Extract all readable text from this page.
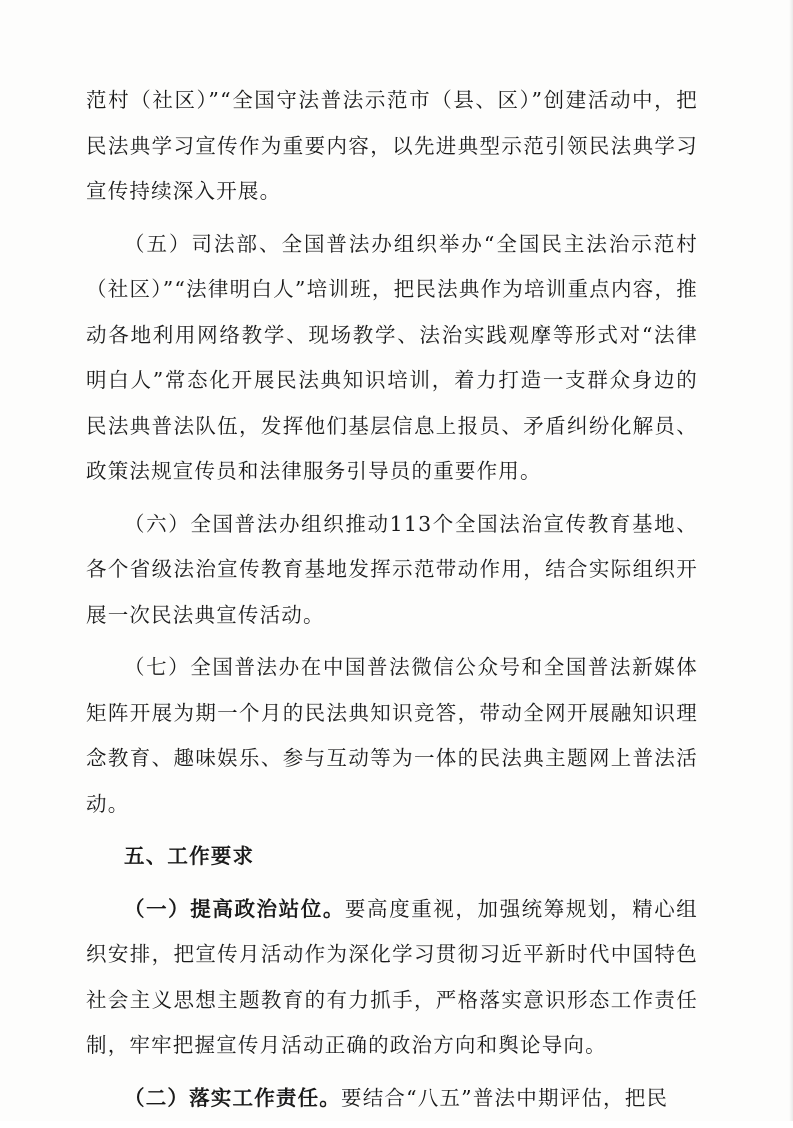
范村（社区）”“全国守法普法示范市（县、区）”创建活动中，把民法典学习宣传作为重要内容，以先进典型示范引领民法典学习宣传持续深入开展。

（五）司法部、全国普法办组织举办“全国民主法治示范村（社区）”“法律明白人”培训班，把民法典作为培训重点内容，推动各地利用网络教学、现场教学、法治实践观摩等形式对“法律明白人”常态化开展民法典知识培训，着力打造一支群众身边的民法典普法队伍，发挥他们基层信息上报员、矛盾纠纷化解员、政策法规宣传员和法律服务引导员的重要作用。

（六）全国普法办组织推动113个全国法治宣传教育基地、各个省级法治宣传教育基地发挥示范带动作用，结合实际组织开展一次民法典宣传活动。

（七）全国普法办在中国普法微信公众号和全国普法新媒体矩阵开展为期一个月的民法典知识竞答，带动全网开展融知识理念教育、趣味娱乐、参与互动等为一体的民法典主题网上普法活动。

五、工作要求

（一）提高政治站位。要高度重视，加强统筹规划，精心组织安排，把宣传月活动作为深化学习贯彻习近平新时代中国特色社会主义思想主题教育的有力抓手，严格落实意识形态工作责任制，牢牢把握宣传月活动正确的政治方向和舆论导向。

（二）落实工作责任。要结合“八五”普法中期评估，把民
